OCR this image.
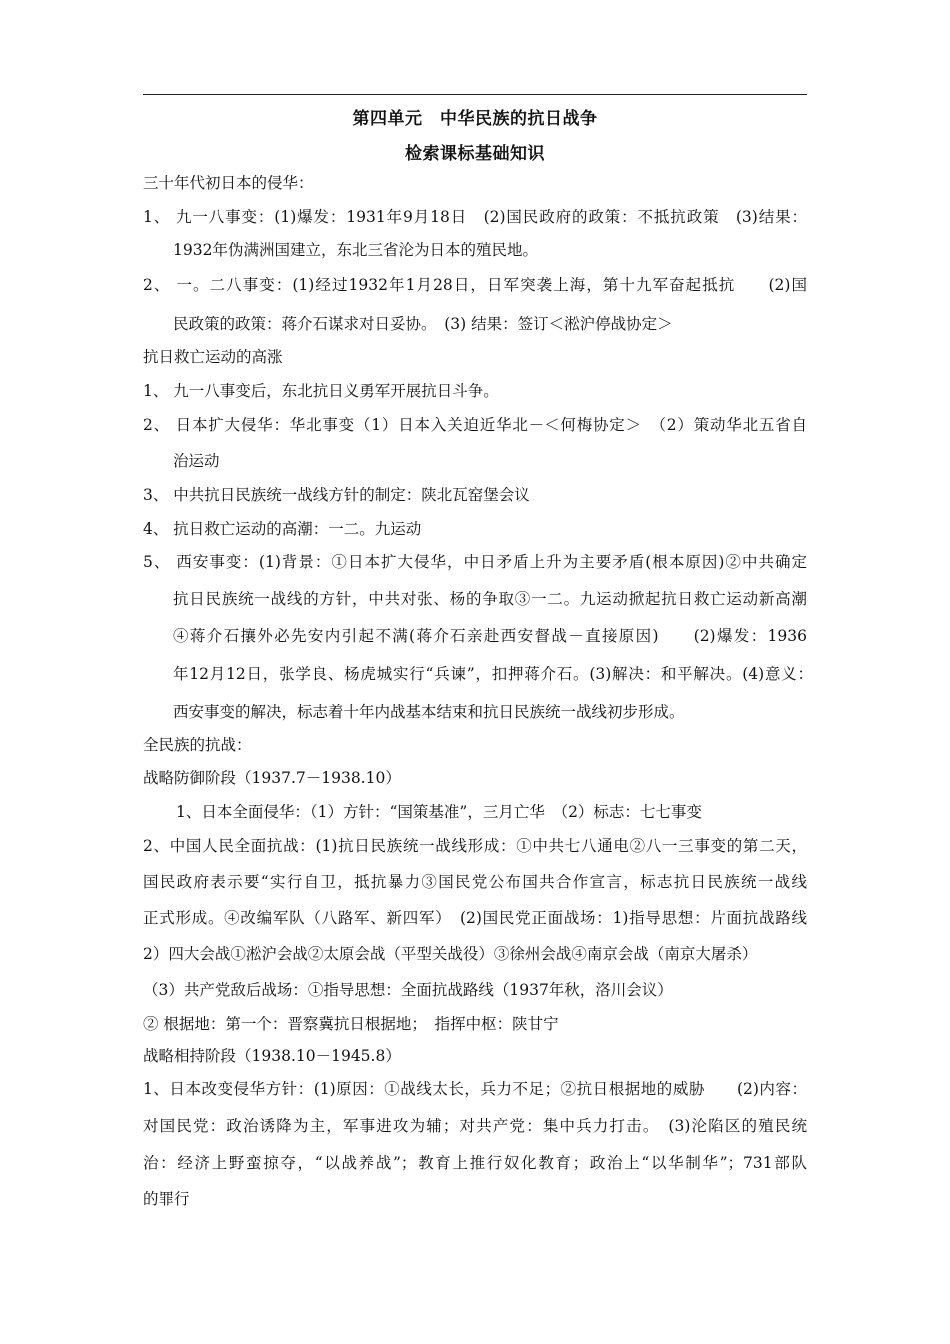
第四单元　中华民族的抗日战争
检索课标基础知识
三十年代初日本的侵华：
1、 九一八事变：(1)爆发：1931年9月18日　(2)国民政府的政策：不抵抗政策　(3)结果：
1932年伪满洲国建立，东北三省沦为日本的殖民地。
2、 一。二八事变：(1)经过1932年1月28日，日军突袭上海，第十九军奋起抵抗　　(2)国
民政策的政策：蒋介石谋求对日妥协。　(3) 结果：签订＜淞沪停战协定＞
抗日救亡运动的高涨
1、 九一八事变后，东北抗日义勇军开展抗日斗争。
2、 日本扩大侵华：华北事变（1）日本入关迫近华北－＜何梅协定＞　（2）策动华北五省自
治运动
3、 中共抗日民族统一战线方针的制定：陕北瓦窑堡会议
4、 抗日救亡运动的高潮：一二。九运动
5、 西安事变：(1)背景：①日本扩大侵华，中日矛盾上升为主要矛盾(根本原因)②中共确定
抗日民族统一战线的方针，中共对张、杨的争取③一二。九运动掀起抗日救亡运动新高潮
④蒋介石攘外必先安内引起不满(蒋介石亲赴西安督战－直接原因)　　(2)爆发：1936
年12月12日，张学良、杨虎城实行“兵谏”，扣押蒋介石。(3)解决：和平解决。(4)意义：
西安事变的解决，标志着十年内战基本结束和抗日民族统一战线初步形成。
全民族的抗战：
战略防御阶段（1937.7－1938.10）
1、日本全面侵华：（1）方针：“国策基准”，三月亡华　（2）标志：七七事变
2、中国人民全面抗战：(1)抗日民族统一战线形成：①中共七八通电②八一三事变的第二天，
国民政府表示要“实行自卫，抵抗暴力③国民党公布国共合作宣言，标志抗日民族统一战线
正式形成。④改编军队（八路军、新四军）　(2)国民党正面战场：1)指导思想：片面抗战路线
2）四大会战①淞沪会战②太原会战（平型关战役）③徐州会战④南京会战（南京大屠杀）
（3）共产党敌后战场：①指导思想：全面抗战路线（1937年秋，洛川会议）
② 根据地：第一个：晋察冀抗日根据地；　指挥中枢：陕甘宁
战略相持阶段（1938.10－1945.8）
1、日本改变侵华方针：(1)原因：①战线太长，兵力不足；②抗日根据地的威胁　　(2)内容：
对国民党：政治诱降为主，军事进攻为辅；对共产党：集中兵力打击。　(3)沦陷区的殖民统
治：经济上野蛮掠夺，“以战养战”；教育上推行奴化教育；政治上“以华制华”；731部队
的罪行
